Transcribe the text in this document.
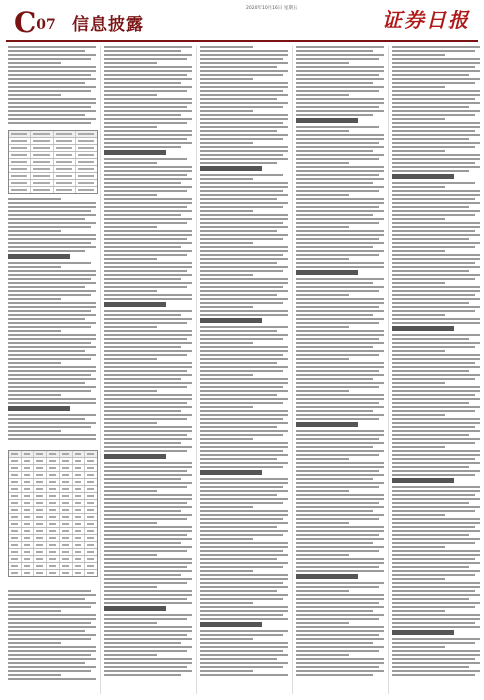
C07 信息披露
2020年10月16日 星期五	证券日报
